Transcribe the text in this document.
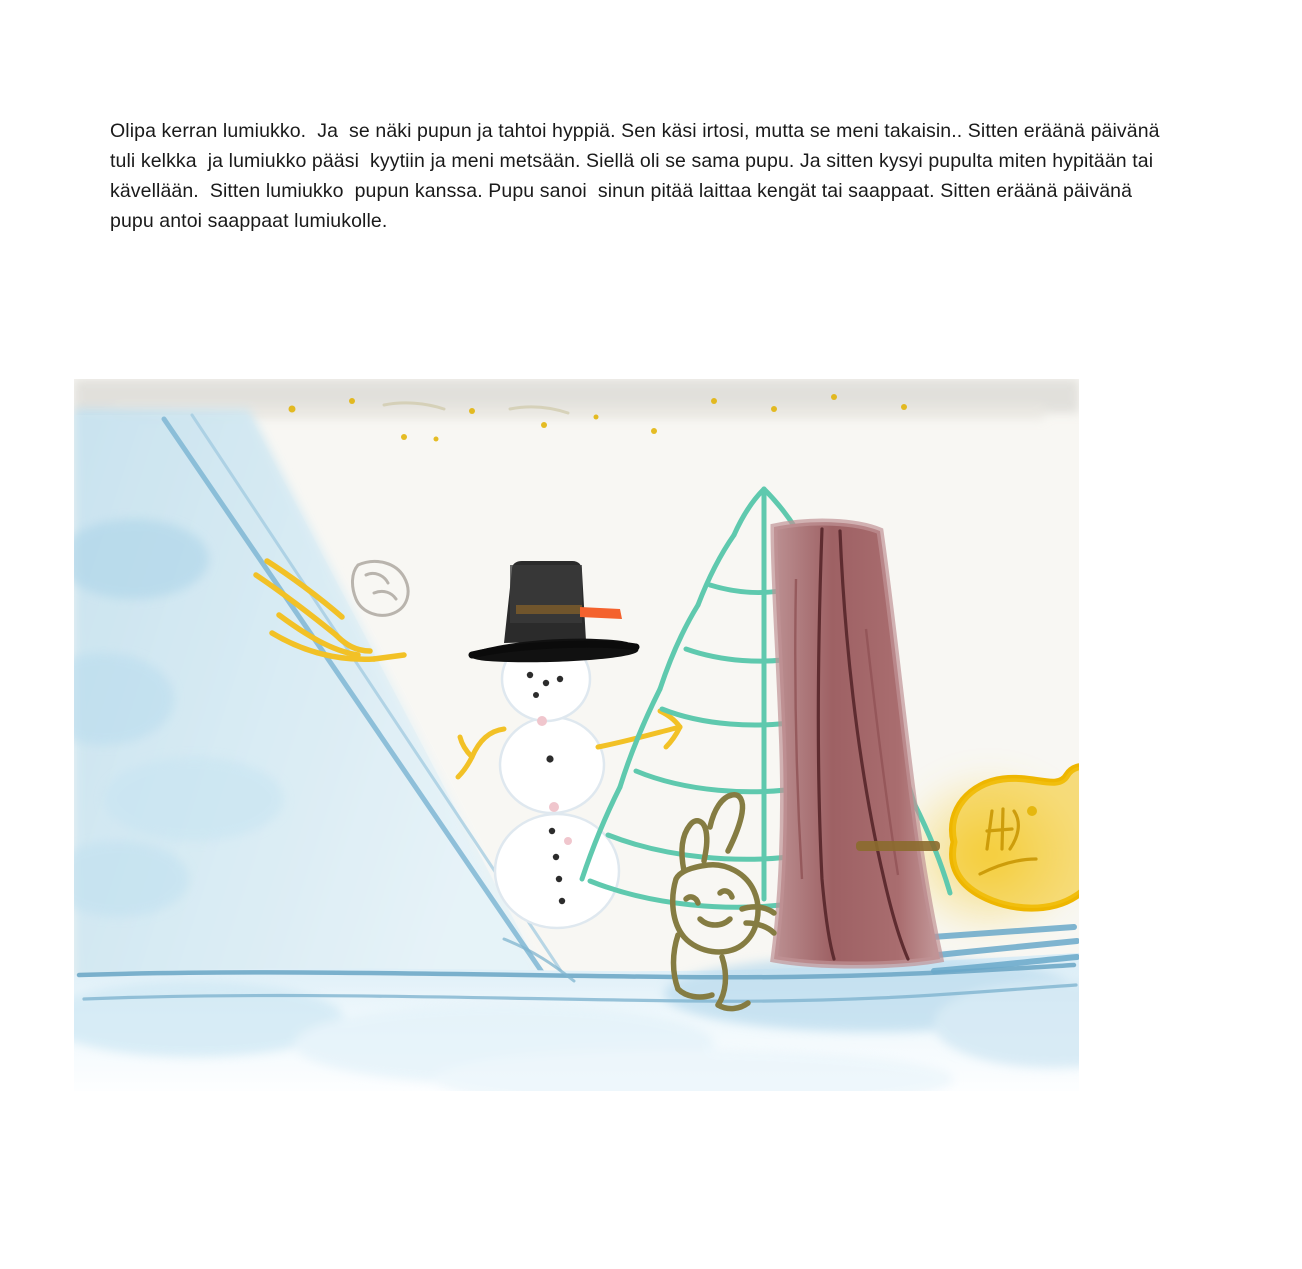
Olipa kerran lumiukko.  Ja  se näki pupun ja tahtoi hyppiä. Sen käsi irtosi, mutta se meni takaisin.. Sitten eräänä päivänä tuli kelkka  ja lumiukko pääsi  kyytiin ja meni metsään. Siellä oli se sama pupu. Ja sitten kysyi pupulta miten hypitään tai kävellään.  Sitten lumiukko  pupun kanssa. Pupu sanoi  sinun pitää laittaa kengät tai saappaat. Sitten eräänä päivänä pupu antoi saappaat lumiukolle.
